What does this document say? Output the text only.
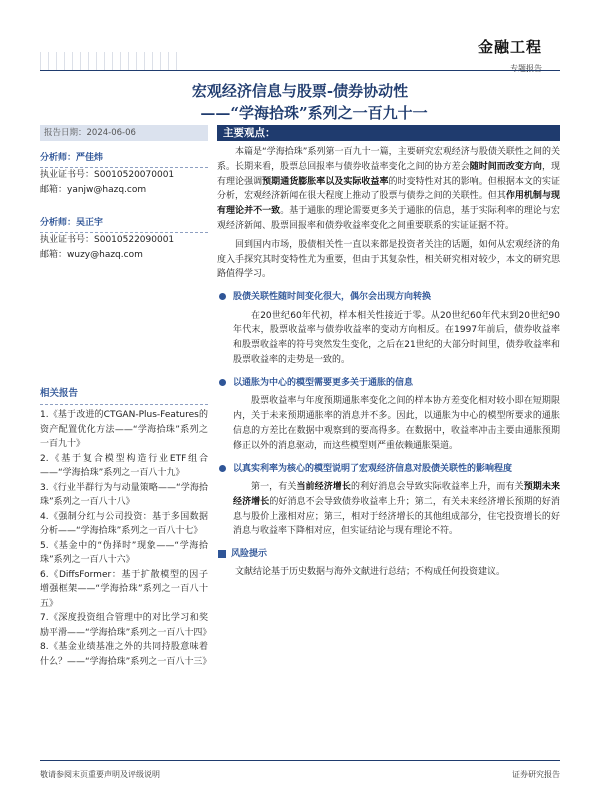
金融工程
专题报告
宏观经济信息与股票-债券协动性
——“学海拾珠”系列之一百九十一
报告日期：2024-06-06
分析师：严佳炜
执业证书号：S0010520070001
邮箱：yanjw@hazq.com
分析师：吴正宇
执业证书号：S0010522090001
邮箱：wuzy@hazq.com
相关报告
1.《基于改进的CTGAN-Plus-Features的资产配置优化方法——“学海拾珠”系列之一百九十》
2.《基于复合模型构造行业ETF组合——“学海拾珠”系列之一百八十九》
3.《行业半群行为与动量策略——“学海拾珠”系列之一百八十八》
4.《强制分红与公司投资：基于多国数据分析——“学海拾珠”系列之一百八十七》
5.《基金中的“伪择时”现象——“学海拾珠”系列之一百八十六》
6.《DiffsFormer：基于扩散模型的因子增强框架——“学海拾珠”系列之一百八十五》
7.《深度投资组合管理中的对比学习和奖励平滑——“学海拾珠”系列之一百八十四》
8.《基金业绩基准之外的共同持股意味着什么？——“学海拾珠”系列之一百八十三》
主要观点：

本篇是“学海拾珠”系列第一百九十一篇，主要研究宏观经济与股债关联性之间的关系。长期来看，股票总回报率与债券收益率变化之间的协方差会随时间而改变方向，现有理论强调预期通货膨胀率以及实际收益率的时变特性对其的影响。但根据本文的实证分析，宏观经济新闻在很大程度上推动了股票与债券之间的关联性。但其作用机制与现有理论并不一致。基于通胀的理论需要更多关于通胀的信息，基于实际利率的理论与宏观经济新闻、股票回报率和债券收益率变化之间重要联系的实证证据不符。

回到国内市场，股债相关性一直以来都是投资者关注的话题，如何从宏观经济的角度入手探究其时变特性尤为重要，但由于其复杂性，相关研究相对较少，本文的研究思路值得学习。

股债关联性随时间变化很大，偶尔会出现方向转换

在20世纪60年代初，样本相关性接近于零。从20世纪60年代末到20世纪90年代末，股票收益率与债券收益率的变动方向相反。在1997年前后，债券收益率和股票收益率的符号突然发生变化，之后在21世纪的大部分时间里，债券收益率和股票收益率的走势是一致的。

以通胀为中心的模型需要更多关于通胀的信息

股票收益率与年度预期通胀率变化之间的样本协方差变化相对较小即在短期限内，关于未来预期通胀率的消息并不多。因此，以通胀为中心的模型所要求的通胀信息的方差比在数据中观察到的要高得多。在数据中，收益率冲击主要由通胀预期修正以外的消息驱动，而这些模型则严重依赖通胀渠道。

以真实利率为核心的模型说明了宏观经济信息对股债关联性的影响程度

第一，有关当前经济增长的利好消息会导致实际收益率上升，而有关预期未来经济增长的好消息不会导致债券收益率上升；第二，有关未来经济增长预期的好消息与股价上涨相对应；第三，相对于经济增长的其他组成部分，住宅投资增长的好消息与收益率下降相对应，但实证结论与现有理论不符。

风险提示

文献结论基于历史数据与海外文献进行总结；不构成任何投资建议。

敬请参阅末页重要声明及评级说明	证券研究报告
